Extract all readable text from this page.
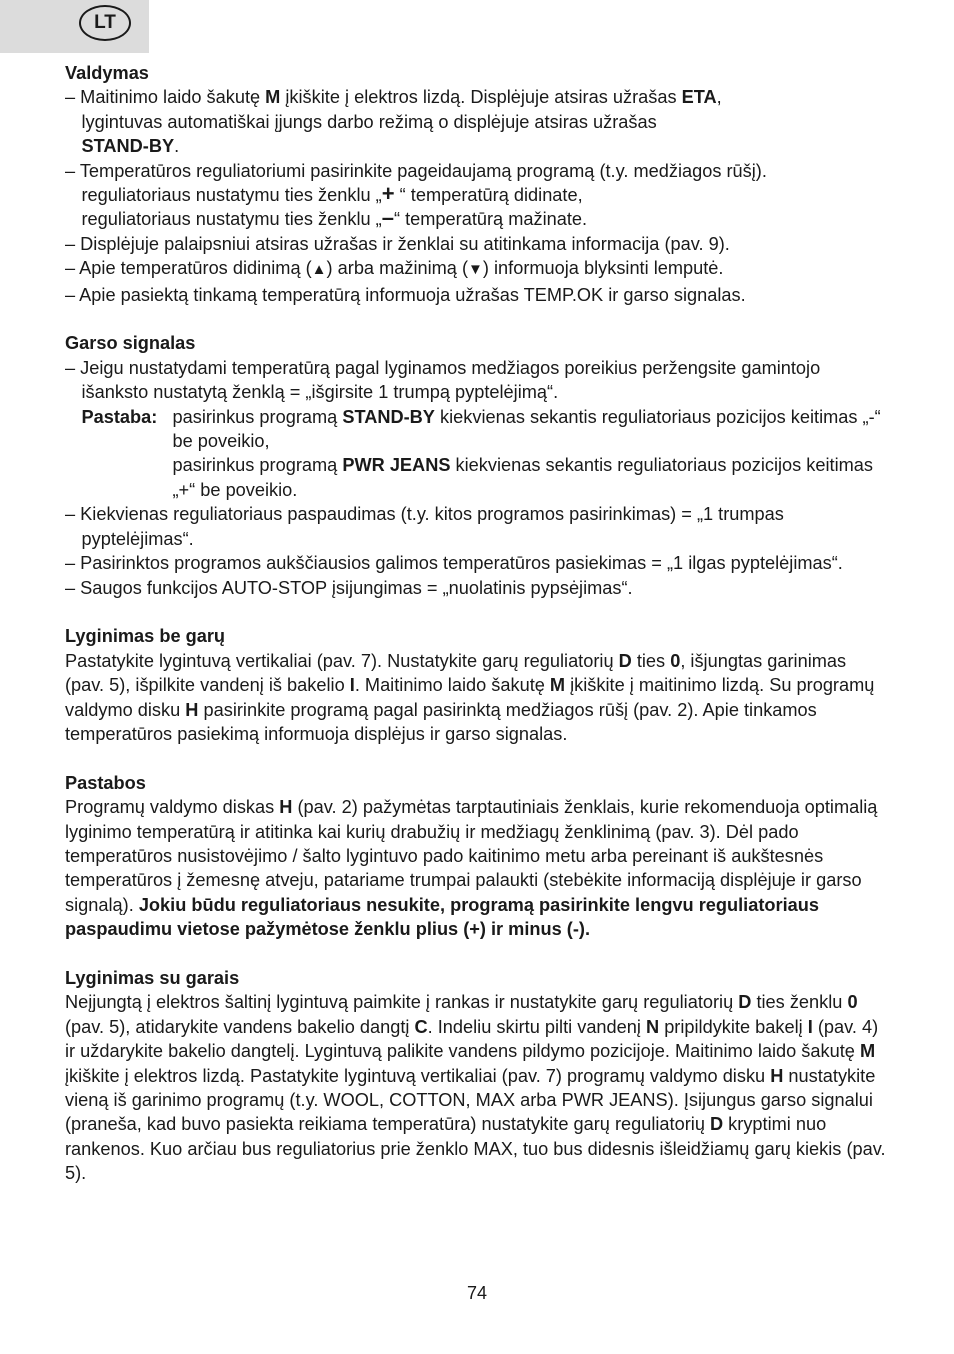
LT

Valdymas

– Maitinimo laido šakutę M įkiškite į elektros lizdą. Displėjuje atsiras užrašas ETA,
lygintuvas automatiškai įjungs darbo režimą o displėjuje atsiras užrašas
STAND-BY.

– Temperatūros reguliatoriumi pasirinkite pageidaujamą programą (t.y. medžiagos rūšį).
reguliatoriaus nustatymu ties ženklu „+ “ temperatūrą didinate,
reguliatoriaus nustatymu ties ženklu „–“ temperatūrą mažinate.

– Displėjuje palaipsniui atsiras užrašas ir ženklai su atitinkama informacija (pav. 9).

– Apie temperatūros didinimą (▲) arba mažinimą (▼) informuoja blyksinti lemputė.

– Apie pasiektą tinkamą temperatūrą informuoja užrašas TEMP.OK ir garso signalas.

Garso signalas

– Jeigu nustatydami temperatūrą pagal lyginamos medžiagos poreikius peržengsite gamintojo išankstο nustatytą ženklą = „išgirsite 1 trumpą pyptelėjimą“.

Pastaba: pasirinkus programą STAND-BY kiekvienas sekantis reguliatoriaus pozicijos keitimas „-“ be poveikio,

pasirinkus programą PWR JEANS kiekvienas sekantis reguliatoriaus pozicijos keitimas „+“ be poveikio.

– Kiekvienas reguliatoriaus paspaudimas (t.y. kitos programos pasirinkimas) = „1 trumpas pyptelėjimas“.

– Pasirinktos programos aukščiausios galimos temperatūros pasiekimas = „1 ilgas pyptelėjimas“.

– Saugos funkcijos AUTO-STOP įsijungimas = „nuolatinis pypsėjimas“.

Lyginimas be garų

Pastatykite lygintuvą vertikaliai (pav. 7). Nustatykite garų reguliatorių D ties 0, išjungtas garinimas (pav. 5), išpilkite vandenį iš bakelio I. Maitinimo laido šakutę M įkiškite į maitinimo lizdą. Su programų valdymo disku H pasirinkite programą pagal pasirinktą medžiagos rūšį (pav. 2). Apie tinkamos temperatūros pasiekimą informuoja displėjus ir garso signalas.

Pastabos

Programų valdymo diskas H (pav. 2) pažymėtas tarptautiniais ženklais, kurie rekomenduoja optimalią lyginimo temperatūrą ir atitinka kai kurių drabužių ir medžiagų ženklinimą (pav. 3). Dėl pado temperatūros nusistovėjimo / šalto lygintuvo pado kaitinimo metu arba pereinant iš aukštesnės temperatūros į žemesnę atveju, patariame trumpai palaukti (stebėkite informaciją displėjuje ir garso signalą). Jokiu būdu reguliatoriaus nesukite, programą pasirinkite lengvu reguliatoriaus paspaudimu vietose pažymėtose ženklu plius (+) ir minus (-).

Lyginimas su garais

Neįjungtą į elektros šaltinį lygintuvą paimkite į rankas ir nustatykite garų reguliatorių D ties ženklu 0 (pav. 5), atidarykite vandens bakelio dangtį C. Indeliu skirtu pilti vandenį N pripildykite bakelį I (pav. 4) ir uždarykite bakelio dangtelį. Lygintuvą palikite vandens pildymo pozicijoje. Maitinimo laido šakutę M įkiškite į elektros lizdą. Pastatykite lygintuvą vertikaliai (pav. 7) programų valdymo disku H nustatykite vieną iš garinimo programų (t.y. WOOL, COTTON, MAX arba PWR JEANS). Įsijungus garso signalui (praneša, kad buvo pasiekta reikiama temperatūra) nustatykite garų reguliatorių D kryptimi nuo rankenos. Kuo arčiau bus reguliatorius prie ženklo MAX, tuo bus didesnis išleidžiamų garų kiekis (pav. 5).

74
